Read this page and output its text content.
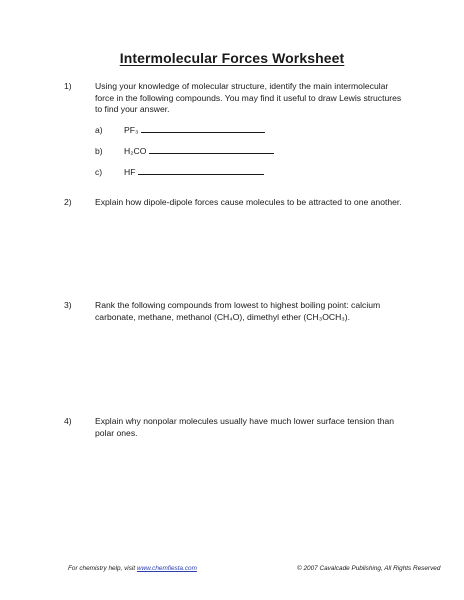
Intermolecular Forces Worksheet
1)	Using your knowledge of molecular structure, identify the main intermolecular force in the following compounds. You may find it useful to draw Lewis structures to find your answer.
a) PF₃
b) H₂CO
c)	HF
2)	Explain how dipole-dipole forces cause molecules to be attracted to one another.
3)	Rank the following compounds from lowest to highest boiling point: calcium carbonate, methane, methanol (CH₄O), dimethyl ether (CH₃OCH₃).
4)	Explain why nonpolar molecules usually have much lower surface tension than polar ones.
For chemistry help, visit www.chemfiesta.com	© 2007 Cavalcade Publishing, All Rights Reserved
